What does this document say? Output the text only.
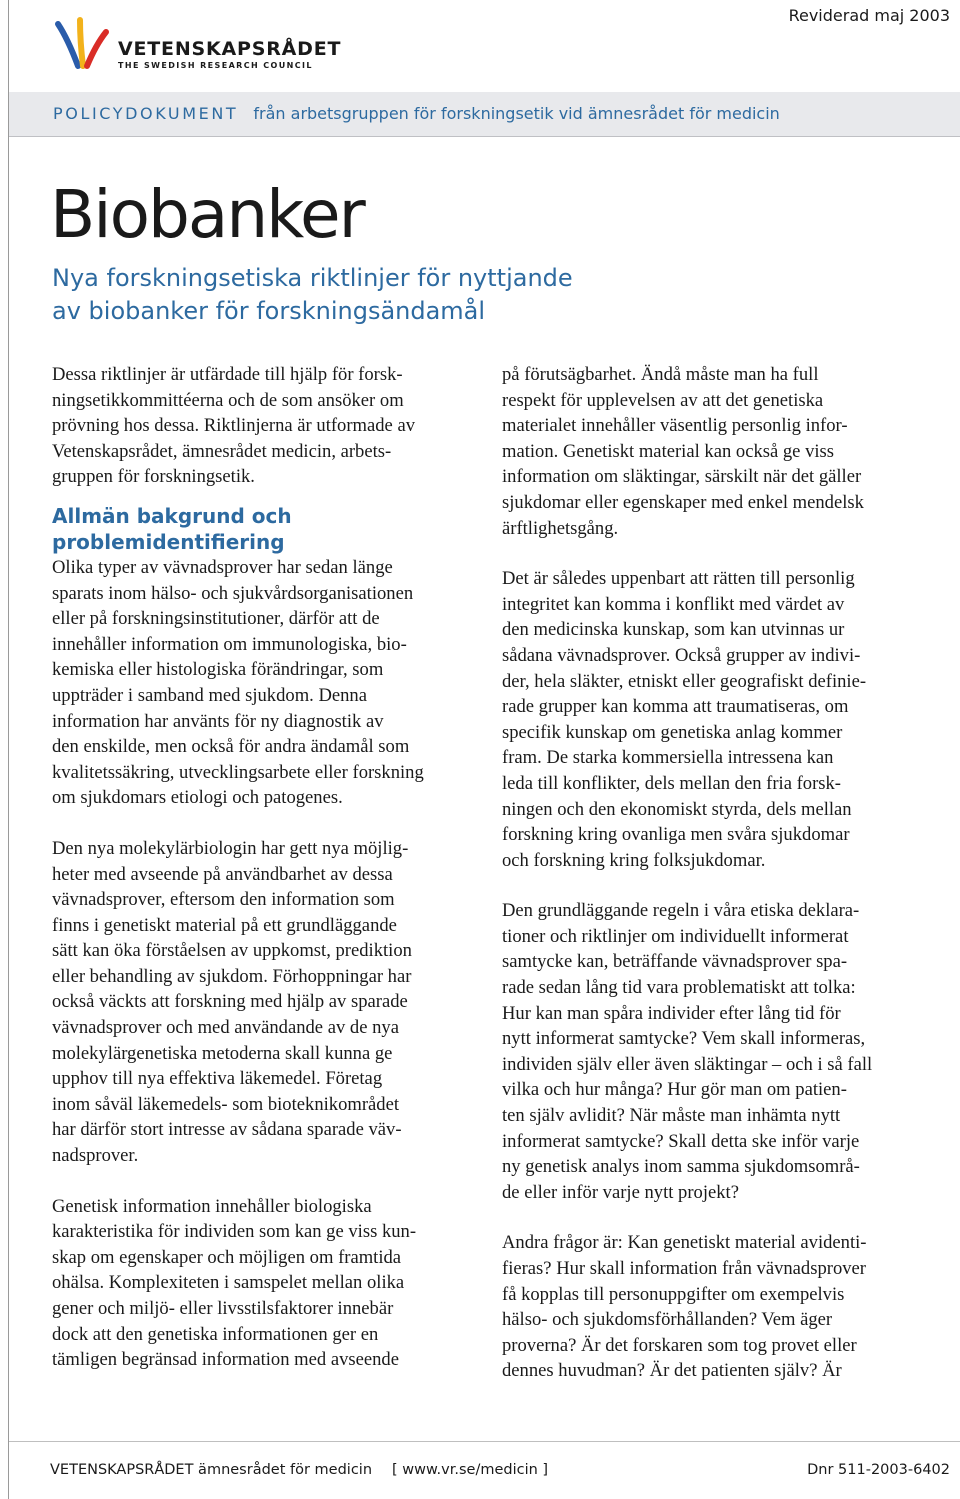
VETENSKAPSRÅDET
THE SWEDISH RESEARCH COUNCIL
Reviderad maj 2003
POLICYDOKUMENT från arbetsgruppen för forskningsetik vid ämnesrådet för medicin
Biobanker
Nya forskningsetiska riktlinjer för nyttjande
av biobanker för forskningsändamål

Dessa riktlinjer är utfärdade till hjälp för forsk-
ningsetikkommittéerna och de som ansöker om
prövning hos dessa. Riktlinjerna är utformade av
Vetenskapsrådet, ämnesrådet medicin, arbets-
gruppen för forskningsetik.

Allmän bakgrund och
problemidentifiering

Olika typer av vävnadsprover har sedan länge
sparats inom hälso- och sjukvårdsorganisationen
eller på forskningsinstitutioner, därför att de
innehåller information om immunologiska, bio-
kemiska eller histologiska förändringar, som
uppträder i samband med sjukdom. Denna
information har använts för ny diagnostik av
den enskilde, men också för andra ändamål som
kvalitetssäkring, utvecklingsarbete eller forskning
om sjukdomars etiologi och patogenes.

Den nya molekylärbiologin har gett nya möjlig-
heter med avseende på användbarhet av dessa
vävnadsprover, eftersom den information som
finns i genetiskt material på ett grundläggande
sätt kan öka förståelsen av uppkomst, prediktion
eller behandling av sjukdom. Förhoppningar har
också väckts att forskning med hjälp av sparade
vävnadsprover och med användande av de nya
molekylärgenetiska metoderna skall kunna ge
upphov till nya effektiva läkemedel. Företag
inom såväl läkemedels- som bioteknikområdet
har därför stort intresse av sådana sparade väv-
nadsprover.

Genetisk information innehåller biologiska
karakteristika för individen som kan ge viss kun-
skap om egenskaper och möjligen om framtida
ohälsa. Komplexiteten i samspelet mellan olika
gener och miljö- eller livsstilsfaktorer innebär
dock att den genetiska informationen ger en
tämligen begränsad information med avseende

på förutsägbarhet. Ändå måste man ha full
respekt för upplevelsen av att det genetiska
materialet innehåller väsentlig personlig infor-
mation. Genetiskt material kan också ge viss
information om släktingar, särskilt när det gäller
sjukdomar eller egenskaper med enkel mendelsk
ärftlighetsgång.

Det är således uppenbart att rätten till personlig
integritet kan komma i konflikt med värdet av
den medicinska kunskap, som kan utvinnas ur
sådana vävnadsprover. Också grupper av indivi-
der, hela släkter, etniskt eller geografiskt definie-
rade grupper kan komma att traumatiseras, om
specifik kunskap om genetiska anlag kommer
fram. De starka kommersiella intressena kan
leda till konflikter, dels mellan den fria forsk-
ningen och den ekonomiskt styrda, dels mellan
forskning kring ovanliga men svåra sjukdomar
och forskning kring folksjukdomar.

Den grundläggande regeln i våra etiska deklara-
tioner och riktlinjer om individuellt informerat
samtycke kan, beträffande vävnadsprover spa-
rade sedan lång tid vara problematiskt att tolka:
Hur kan man spåra individer efter lång tid för
nytt informerat samtycke? Vem skall informeras,
individen själv eller även släktingar – och i så fall
vilka och hur många? Hur gör man om patien-
ten själv avlidit? När måste man inhämta nytt
informerat samtycke? Skall detta ske inför varje
ny genetisk analys inom samma sjukdomsområ-
de eller inför varje nytt projekt?

Andra frågor är: Kan genetiskt material avidenti-
fieras? Hur skall information från vävnadsprover
få kopplas till personuppgifter om exempelvis
hälso- och sjukdomsförhållanden? Vem äger
proverna? Är det forskaren som tog provet eller
dennes huvudman? Är det patienten själv? Är

VETENSKAPSRÅDET ämnesrådet för medicin [ www.vr.se/medicin ]	Dnr 511-2003-6402
